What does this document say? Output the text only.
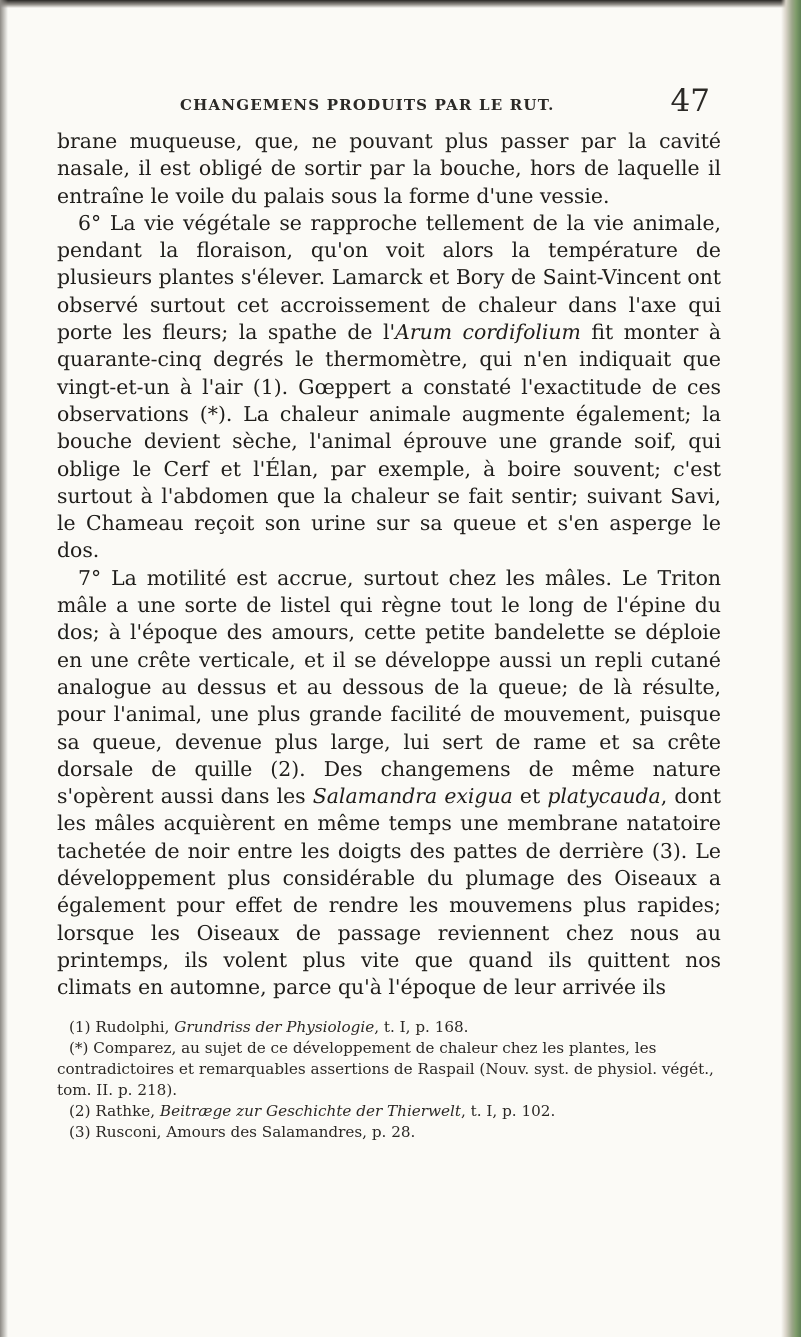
CHANGEMENS PRODUITS PAR LE RUT.	47

brane muqueuse, que, ne pouvant plus passer par la cavité nasale, il est obligé de sortir par la bouche, hors de laquelle il entraîne le voile du palais sous la forme d'une vessie.

6° La vie végétale se rapproche tellement de la vie animale, pendant la floraison, qu'on voit alors la température de plusieurs plantes s'élever. Lamarck et Bory de Saint-Vincent ont observé surtout cet accroissement de chaleur dans l'axe qui porte les fleurs; la spathe de l'Arum cordifolium fit monter à quarante-cinq degrés le thermomètre, qui n'en indiquait que vingt-et-un à l'air (1). Gœppert a constaté l'exactitude de ces observations (*). La chaleur animale augmente également; la bouche devient sèche, l'animal éprouve une grande soif, qui oblige le Cerf et l'Élan, par exemple, à boire souvent; c'est surtout à l'abdomen que la chaleur se fait sentir; suivant Savi, le Chameau reçoit son urine sur sa queue et s'en asperge le dos.

7° La motilité est accrue, surtout chez les mâles. Le Triton mâle a une sorte de listel qui règne tout le long de l'épine du dos; à l'époque des amours, cette petite bandelette se déploie en une crête verticale, et il se développe aussi un repli cutané analogue au dessus et au dessous de la queue; de là résulte, pour l'animal, une plus grande facilité de mouvement, puisque sa queue, devenue plus large, lui sert de rame et sa crête dorsale de quille (2). Des changemens de même nature s'opèrent aussi dans les Salamandra exigua et platycauda, dont les mâles acquièrent en même temps une membrane natatoire tachetée de noir entre les doigts des pattes de derrière (3). Le développement plus considérable du plumage des Oiseaux a également pour effet de rendre les mouvemens plus rapides; lorsque les Oiseaux de passage reviennent chez nous au printemps, ils volent plus vite que quand ils quittent nos climats en automne, parce qu'à l'époque de leur arrivée ils

(1) Rudolphi, Grundriss der Physiologie, t. I, p. 168.

(*) Comparez, au sujet de ce développement de chaleur chez les plantes, les contradictoires et remarquables assertions de Raspail (Nouv. syst. de physiol. végét., tom. II. p. 218).

(2) Rathke, Beitræge zur Geschichte der Thierwelt, t. I, p. 102.

(3) Rusconi, Amours des Salamandres, p. 28.
